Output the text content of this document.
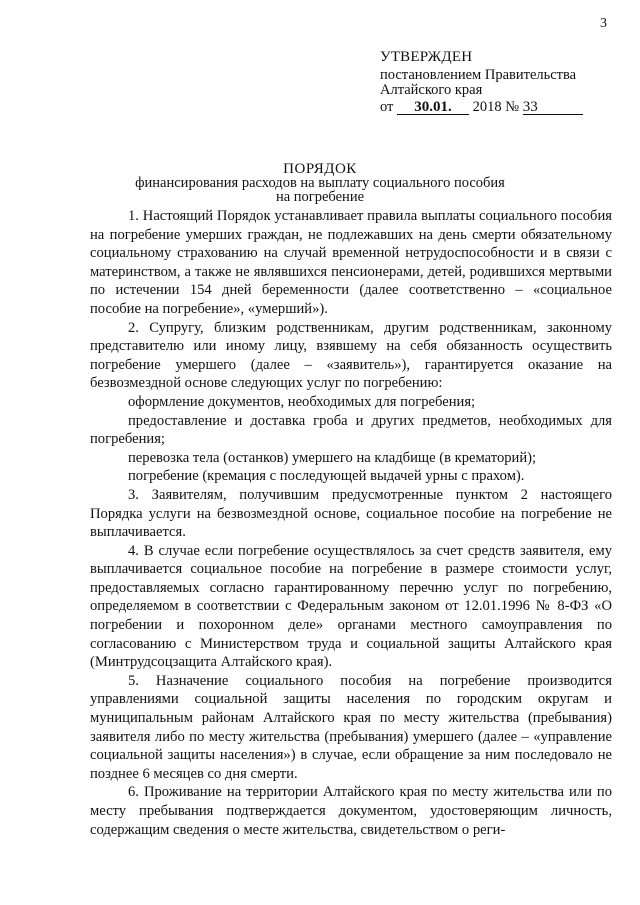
3
УТВЕРЖДЕН
постановлением Правительства
Алтайского края
от 30.01. 2018 № 33
ПОРЯДОК
финансирования расходов на выплату социального пособия
на погребение

1. Настоящий Порядок устанавливает правила выплаты социального пособия на погребение умерших граждан, не подлежавших на день смерти обязательному социальному страхованию на случай временной нетрудоспособности и в связи с материнством, а также не являвшихся пенсионерами, детей, родившихся мертвыми по истечении 154 дней беременности (далее соответственно – «социальное пособие на погребение», «умерший»).

2. Супругу, близким родственникам, другим родственникам, законному представителю или иному лицу, взявшему на себя обязанность осуществить погребение умершего (далее – «заявитель»), гарантируется оказание на безвозмездной основе следующих услуг по погребению:

оформление документов, необходимых для погребения;

предоставление и доставка гроба и других предметов, необходимых для погребения;

перевозка тела (останков) умершего на кладбище (в крематорий);

погребение (кремация с последующей выдачей урны с прахом).

3. Заявителям, получившим предусмотренные пунктом 2 настоящего Порядка услуги на безвозмездной основе, социальное пособие на погребение не выплачивается.

4. В случае если погребение осуществлялось за счет средств заявителя, ему выплачивается социальное пособие на погребение в размере стоимости услуг, предоставляемых согласно гарантированному перечню услуг по погребению, определяемом в соответствии с Федеральным законом от 12.01.1996 № 8-ФЗ «О погребении и похоронном деле» органами местного самоуправления по согласованию с Министерством труда и социальной защиты Алтайского края (Минтрудсоцзащита Алтайского края).

5. Назначение социального пособия на погребение производится управлениями социальной защиты населения по городским округам и муниципальным районам Алтайского края по месту жительства (пребывания) заявителя либо по месту жительства (пребывания) умершего (далее – «управление социальной защиты населения») в случае, если обращение за ним последовало не позднее 6 месяцев со дня смерти.

6. Проживание на территории Алтайского края по месту жительства или по месту пребывания подтверждается документом, удостоверяющим личность, содержащим сведения о месте жительства, свидетельством о реги-
